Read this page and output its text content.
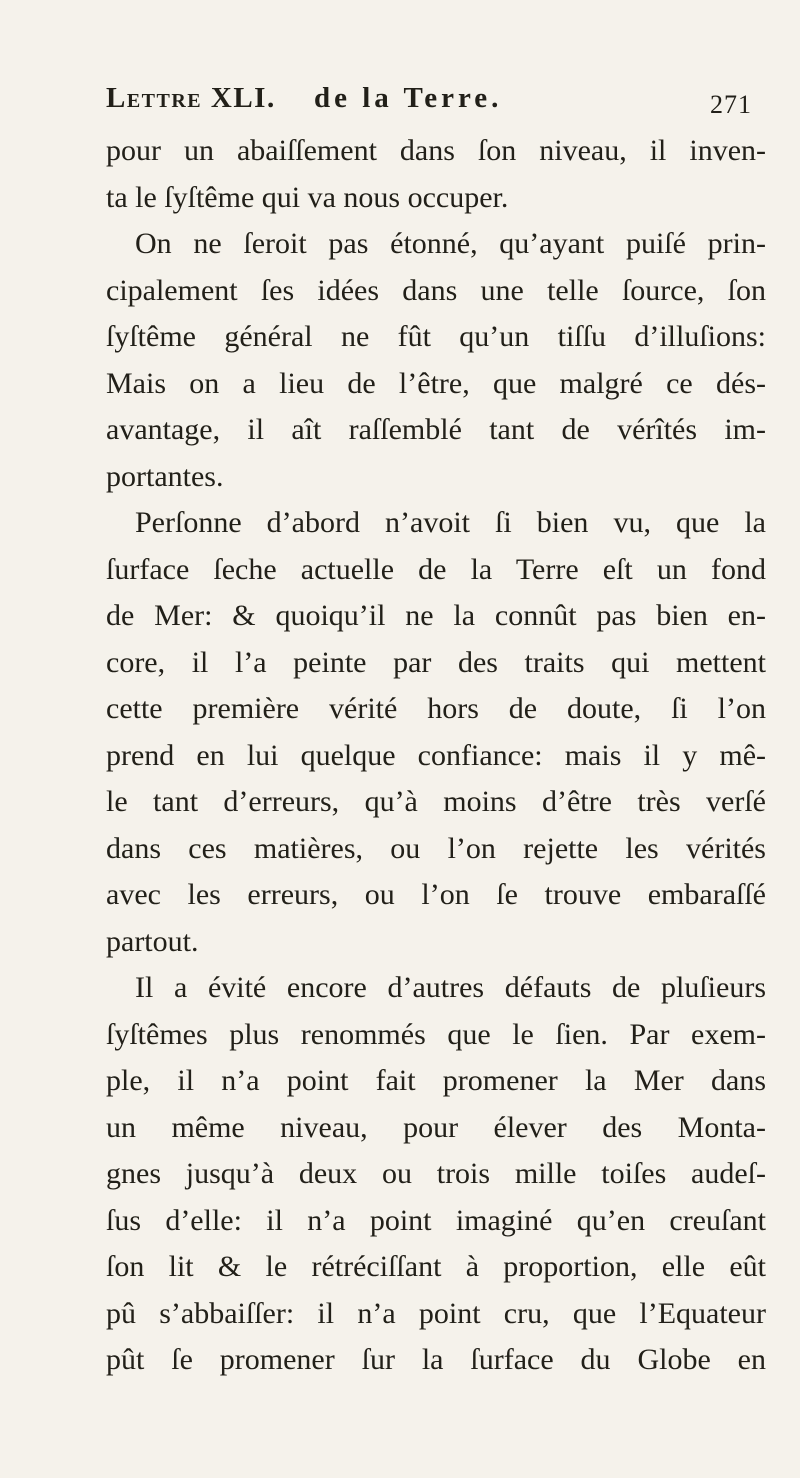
Lettre XLI. de la Terre.	271
pour un abaiſſement dans ſon niveau, il inven-
ta le ſyſtême qui va nous occuper.
On ne ſeroit pas étonné, qu’ayant puiſé prin-
cipalement ſes idées dans une telle ſource, ſon
ſyſtême général ne fût qu’un tiſſu d’illuſions:
Mais on a lieu de l’être, que malgré ce dés-
avantage, il aît raſſemblé tant de vérîtés im-
portantes.
Perſonne d’abord n’avoit ſi bien vu, que la
ſurface ſeche actuelle de la Terre eſt un fond
de Mer: & quoiqu’il ne la connût pas bien en-
core, il l’a peinte par des traits qui mettent
cette première vérité hors de doute, ſi l’on
prend en lui quelque confiance: mais il y mê-
le tant d’erreurs, qu’à moins d’être très verſé
dans ces matières, ou l’on rejette les vérités
avec les erreurs, ou l’on ſe trouve embaraſſé
partout.
Il a évité encore d’autres défauts de pluſieurs
ſyſtêmes plus renommés que le ſien. Par exem-
ple, il n’a point fait promener la Mer dans
un même niveau, pour élever des Monta-
gnes jusqu’à deux ou trois mille toiſes audeſ-
ſus d’elle: il n’a point imaginé qu’en creuſant
ſon lit & le rétréciſſant à proportion, elle eût
pû s’abbaiſſer: il n’a point cru, que l’Equateur
pût ſe promener ſur la ſurface du Globe en
